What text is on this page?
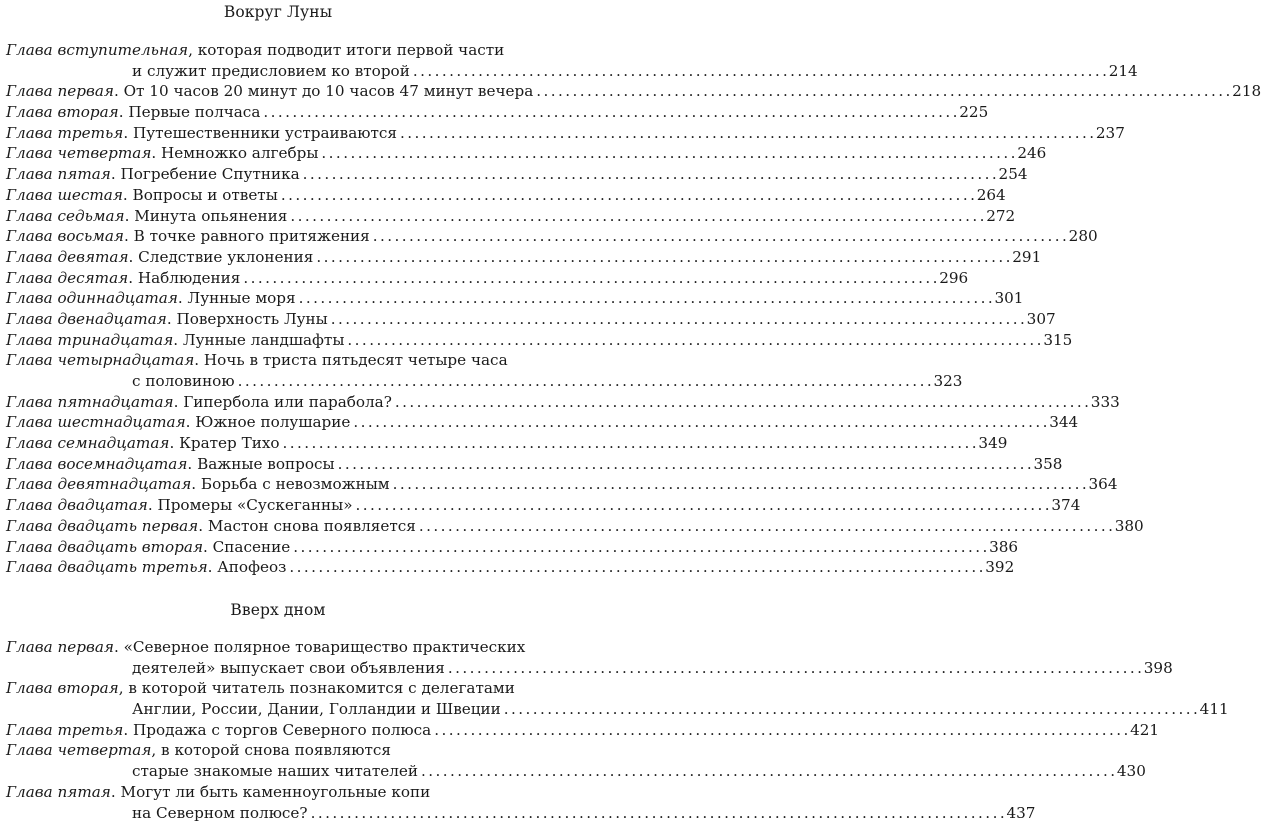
Вокруг Луны
Глава вступительная, которая подводит итоги первой части
и служит предисловием ко второй . . .	214
Глава первая. От 10 часов 20 минут до 10 часов 47 минут вечера . . .	218
Глава вторая. Первые полчаса . . .	225
Глава третья. Путешественники устраиваются . . .	237
Глава четвертая. Немножко алгебры . . .	246
Глава пятая. Погребение Спутника . . .	254
Глава шестая. Вопросы и ответы . . .	264
Глава седьмая. Минута опьянения . . .	272
Глава восьмая. В точке равного притяжения . . .	280
Глава девятая. Следствие уклонения . . .	291
Глава десятая. Наблюдения . . .	296
Глава одиннадцатая. Лунные моря . . .	301
Глава двенадцатая. Поверхность Луны . . .	307
Глава тринадцатая. Лунные ландшафты . . .	315
Глава четырнадцатая. Ночь в триста пятьдесят четыре часа
с половиною . . .	323
Глава пятнадцатая. Гипербола или парабола? . . .	333
Глава шестнадцатая. Южное полушарие . . .	344
Глава семнадцатая. Кратер Тихо . . .	349
Глава восемнадцатая. Важные вопросы . . .	358
Глава девятнадцатая. Борьба с невозможным . . .	364
Глава двадцатая. Промеры «Сускеганны» . . .	374
Глава двадцать первая. Мастон снова появляется . . .	380
Глава двадцать вторая. Спасение . . .	386
Глава двадцать третья. Апофеоз . . .	392
Вверх дном
Глава первая. «Северное полярное товарищество практических
деятелей» выпускает свои объявления . . .	398
Глава вторая, в которой читатель познакомится с делегатами
Англии, России, Дании, Голландии и Швеции . . .	411
Глава третья. Продажа с торгов Северного полюса . . .	421
Глава четвертая, в которой снова появляются
старые знакомые наших читателей . . .	430
Глава пятая. Могут ли быть каменноугольные копи
на Северном полюсе? . . .	437
